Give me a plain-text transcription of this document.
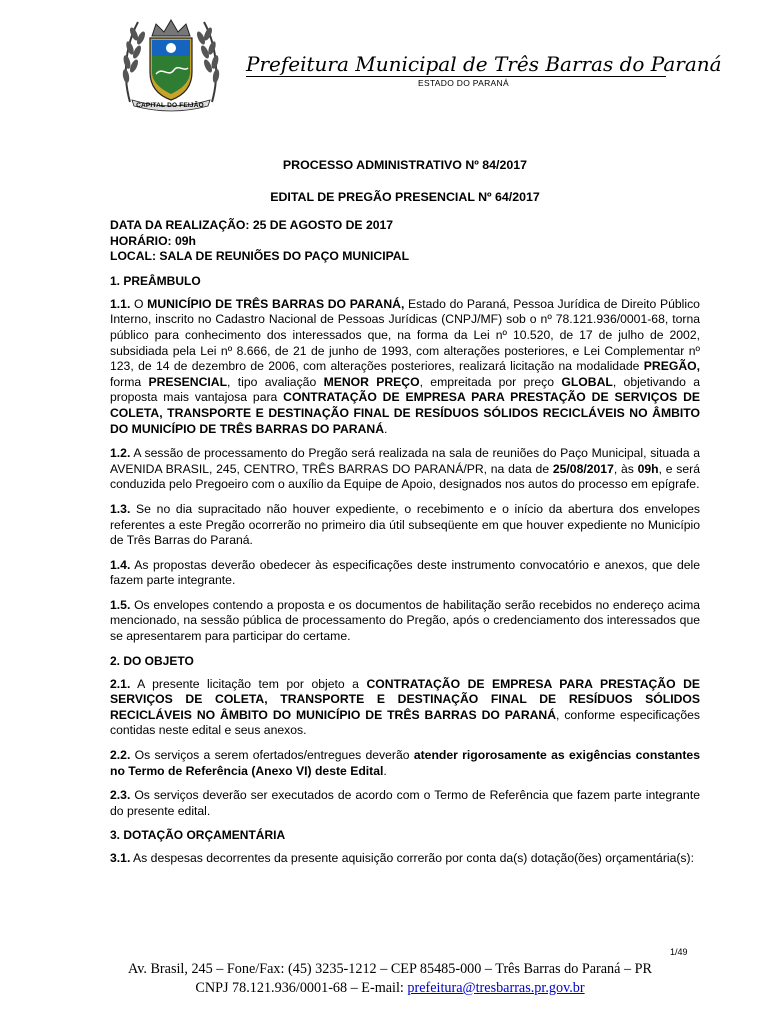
CAPITAL DO FEIJÃO
Prefeitura Municipal de Três Barras do Paraná
ESTADO DO PARANÁ

PROCESSO ADMINISTRATIVO Nº 84/2017

EDITAL DE PREGÃO PRESENCIAL Nº 64/2017

DATA DA REALIZAÇÃO: 25 DE AGOSTO DE 2017

HORÁRIO: 09h

LOCAL: SALA DE REUNIÕES DO PAÇO MUNICIPAL

1. PREÂMBULO

1.1. O MUNICÍPIO DE TRÊS BARRAS DO PARANÁ, Estado do Paraná, Pessoa Jurídica de Direito Público Interno, inscrito no Cadastro Nacional de Pessoas Jurídicas (CNPJ/MF) sob o nº 78.121.936/0001-68, torna público para conhecimento dos interessados que, na forma da Lei nº 10.520, de 17 de julho de 2002, subsidiada pela Lei nº 8.666, de 21 de junho de 1993, com alterações posteriores, e Lei Complementar nº 123, de 14 de dezembro de 2006, com alterações posteriores, realizará licitação na modalidade PREGÃO, forma PRESENCIAL, tipo avaliação MENOR PREÇO, empreitada por preço GLOBAL, objetivando a proposta mais vantajosa para CONTRATAÇÃO DE EMPRESA PARA PRESTAÇÃO DE SERVIÇOS DE COLETA, TRANSPORTE E DESTINAÇÃO FINAL DE RESÍDUOS SÓLIDOS RECICLÁVEIS NO ÂMBITO DO MUNICÍPIO DE TRÊS BARRAS DO PARANÁ.

1.2. A sessão de processamento do Pregão será realizada na sala de reuniões do Paço Municipal, situada a AVENIDA BRASIL, 245, CENTRO, TRÊS BARRAS DO PARANÁ/PR, na data de 25/08/2017, às 09h, e será conduzida pelo Pregoeiro com o auxílio da Equipe de Apoio, designados nos autos do processo em epígrafe.

1.3. Se no dia supracitado não houver expediente, o recebimento e o início da abertura dos envelopes referentes a este Pregão ocorrerão no primeiro dia útil subseqüente em que houver expediente no Município de Três Barras do Paraná.

1.4. As propostas deverão obedecer às especificações deste instrumento convocatório e anexos, que dele fazem parte integrante.

1.5. Os envelopes contendo a proposta e os documentos de habilitação serão recebidos no endereço acima mencionado, na sessão pública de processamento do Pregão, após o credenciamento dos interessados que se apresentarem para participar do certame.

2. DO OBJETO

2.1. A presente licitação tem por objeto a CONTRATAÇÃO DE EMPRESA PARA PRESTAÇÃO DE SERVIÇOS DE COLETA, TRANSPORTE E DESTINAÇÃO FINAL DE RESÍDUOS SÓLIDOS RECICLÁVEIS NO ÂMBITO DO MUNICÍPIO DE TRÊS BARRAS DO PARANÁ, conforme especificações contidas neste edital e seus anexos.

2.2. Os serviços a serem ofertados/entregues deverão atender rigorosamente as exigências constantes no Termo de Referência (Anexo VI) deste Edital.

2.3. Os serviços deverão ser executados de acordo com o Termo de Referência que fazem parte integrante do presente edital.

3. DOTAÇÃO ORÇAMENTÁRIA

3.1. As despesas decorrentes da presente aquisição correrão por conta da(s) dotação(ões) orçamentária(s):

1/49
Av. Brasil, 245 – Fone/Fax: (45) 3235-1212 – CEP 85485-000 – Três Barras do Paraná – PR
CNPJ 78.121.936/0001-68 – E-mail: prefeitura@tresbarras.pr.gov.br
